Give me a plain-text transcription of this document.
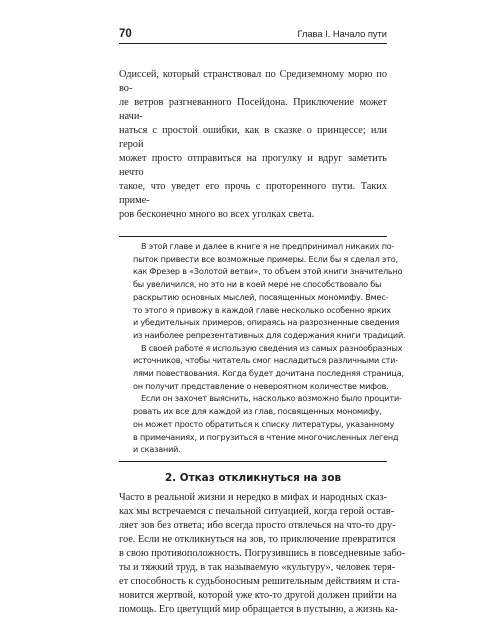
70	Глава I. Начало пути

Одиссей, который странствовал по Средиземному морю по во-

ле ветров разгневанного Посейдона. Приключение может начи-

наться с простой ошибки, как в сказке о принцессе; или герой

может просто отправиться на прогулку и вдруг заметить нечто

такое, что уведет его прочь с проторенного пути. Таких приме-

ров бесконечно много во всех уголках света.

В этой главе и далее в книге я не предпринимал никаких по-

пыток привести все возможные примеры. Если бы я сделал это,

как Фрезер в «Золотой ветви», то объем этой книги значительно

бы увеличился, но это ни в коей мере не способствовало бы

раскрытию основных мыслей, посвященных мономифу. Вмес-

то этого я привожу в каждой главе несколько особенно ярких

и убедительных примеров, опираясь на разрозненные сведения

из наиболее репрезентативных для содержания книги традиций.

В своей работе я использую сведения из самых разнообразных

источников, чтобы читатель смог насладиться различными сти-

лями повествования. Когда будет дочитана последняя страница,

он получит представление о невероятном количестве мифов.

Если он захочет выяснить, насколько возможно было процити-

ровать их все для каждой из глав, посвященных мономифу,

он может просто обратиться к списку литературы, указанному

в примечаниях, и погрузиться в чтение многочисленных легенд

и сказаний.

2. Отказ откликнуться на зов

Часто в реальной жизни и нередко в мифах и народных сказ-

ках мы встречаемся с печальной ситуацией, когда герой остав-

ляет зов без ответа; ибо всегда просто отвлечься на что-то дру-

гое. Если не откликнуться на зов, то приключение превратится

в свою противоположность. Погрузившись в повседневные забо-

ты и тяжкий труд, в так называемую «культуру», человек теря-

ет способность к судьбоносным решительным действиям и ста-

новится жертвой, которой уже кто-то другой должен прийти на

помощь. Его цветущий мир обращается в пустыню, а жизнь ка-
